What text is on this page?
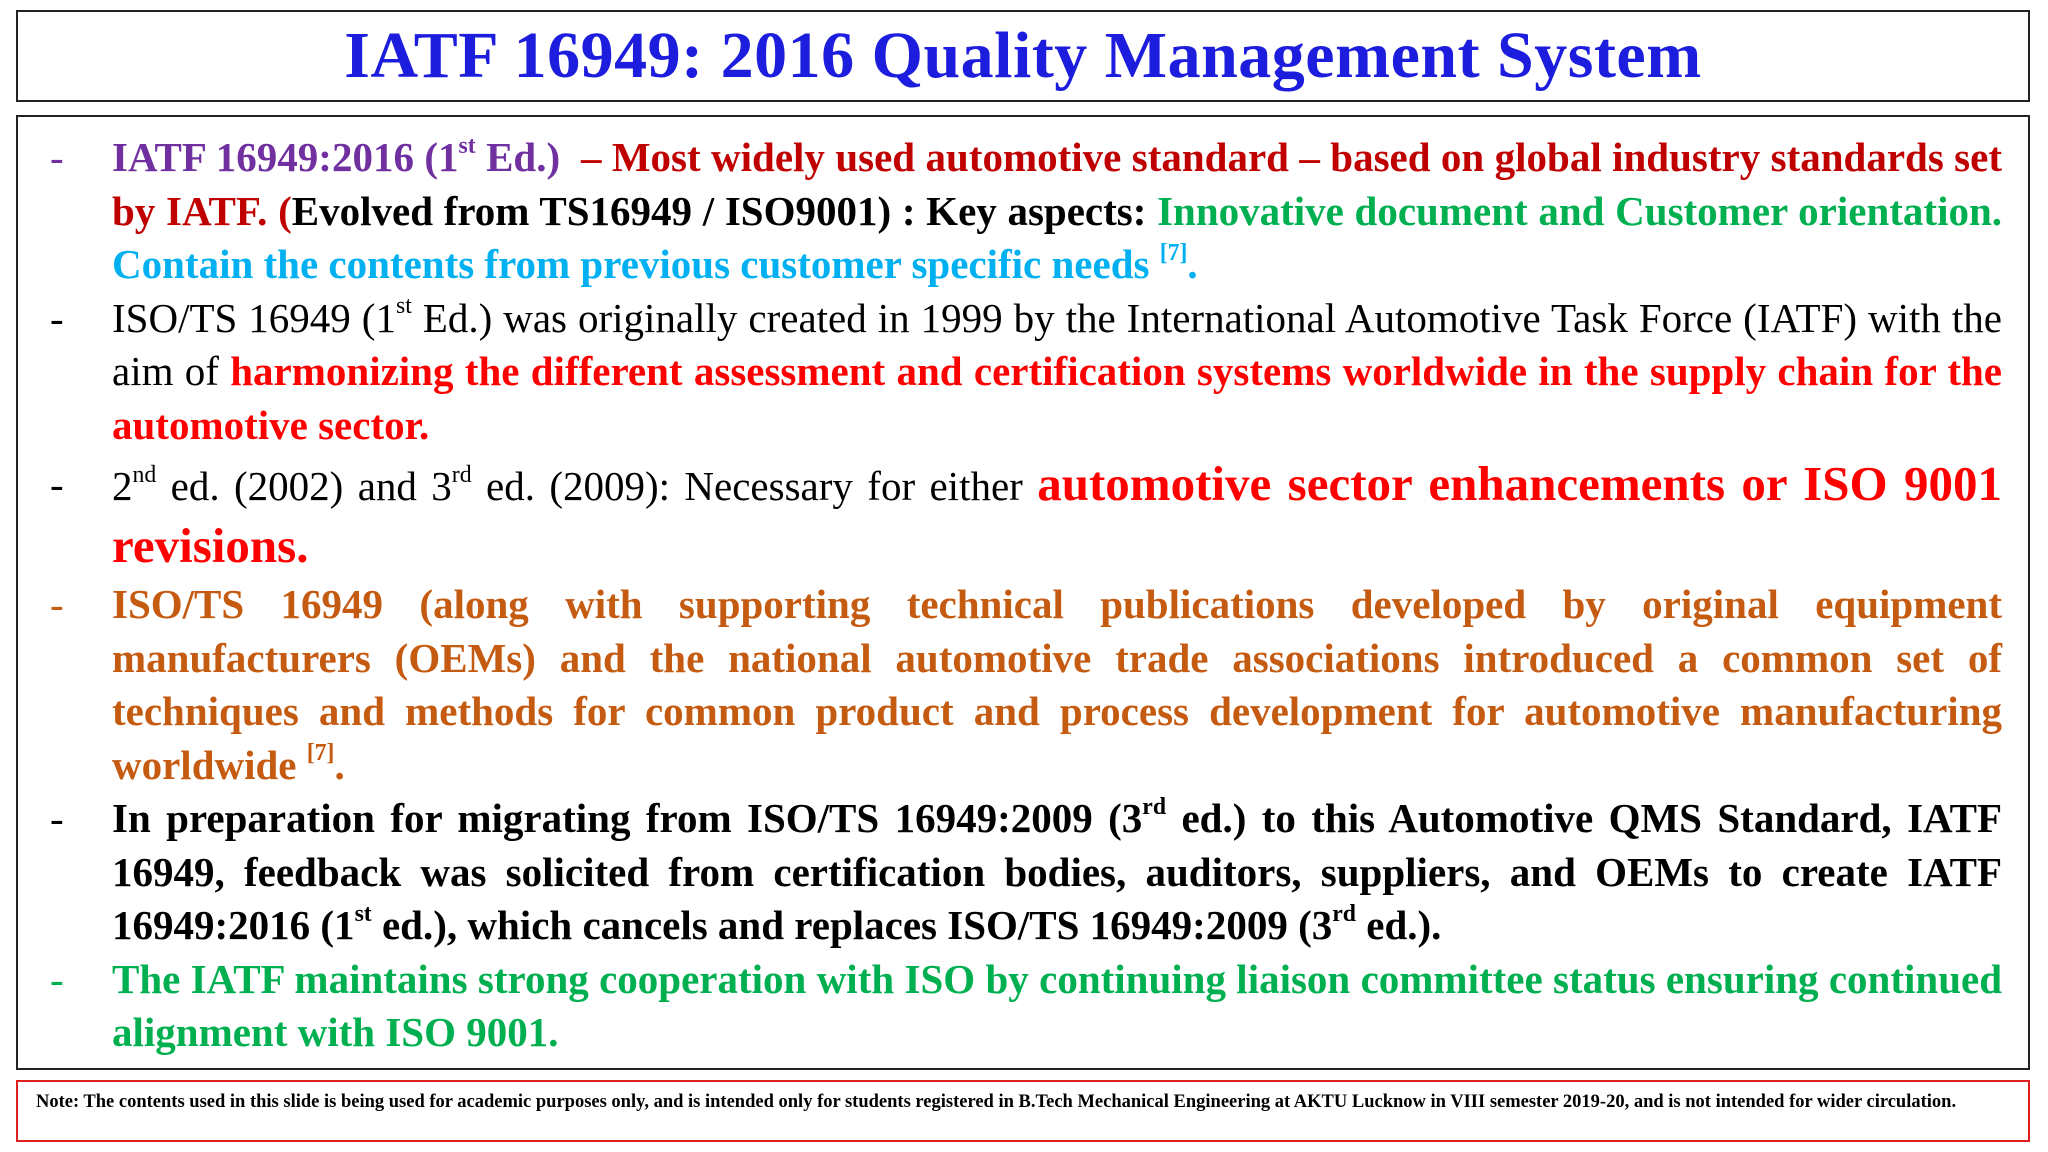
IATF 16949: 2016 Quality Management System
- IATF 16949:2016 (1st Ed.) – Most widely used automotive standard – based on global industry standards set by IATF. (Evolved from TS16949 / ISO9001) : Key aspects: Innovative document and Customer orientation. Contain the contents from previous customer specific needs [7].
- ISO/TS 16949 (1st Ed.) was originally created in 1999 by the International Automotive Task Force (IATF) with the aim of harmonizing the different assessment and certification systems worldwide in the supply chain for the automotive sector.
- 2nd ed. (2002) and 3rd ed. (2009): Necessary for either automotive sector enhancements or ISO 9001 revisions.
- ISO/TS 16949 (along with supporting technical publications developed by original equipment manufacturers (OEMs) and the national automotive trade associations introduced a common set of techniques and methods for common product and process development for automotive manufacturing worldwide [7].
- In preparation for migrating from ISO/TS 16949:2009 (3rd ed.) to this Automotive QMS Standard, IATF 16949, feedback was solicited from certification bodies, auditors, suppliers, and OEMs to create IATF 16949:2016 (1st ed.), which cancels and replaces ISO/TS 16949:2009 (3rd ed.).
- The IATF maintains strong cooperation with ISO by continuing liaison committee status ensuring continued alignment with ISO 9001.
Note: The contents used in this slide is being used for academic purposes only, and is intended only for students registered in B.Tech Mechanical Engineering at AKTU Lucknow in VIII semester 2019-20, and is not intended for wider circulation.
